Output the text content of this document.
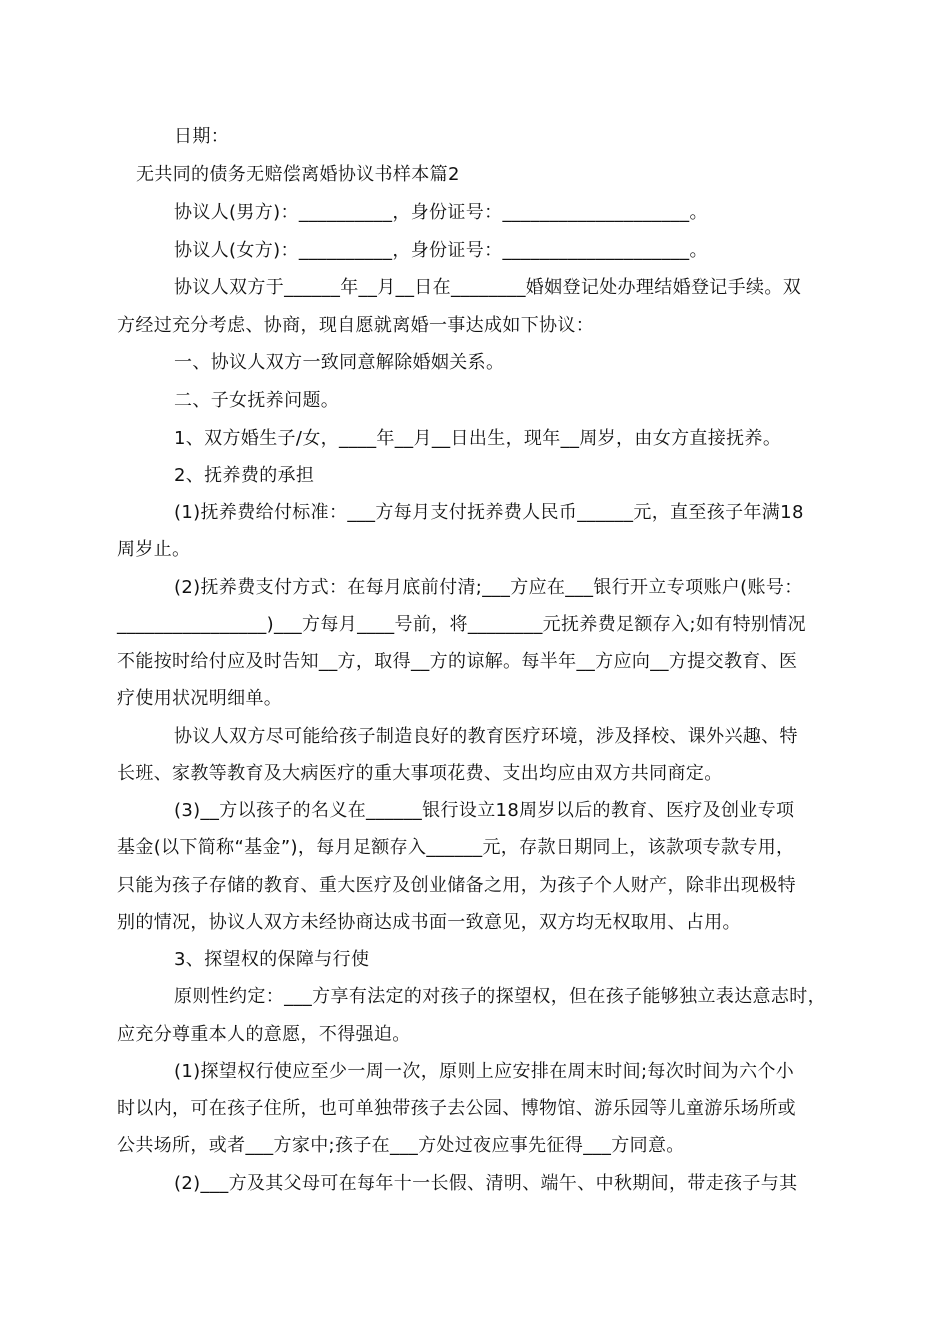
日期：
无共同的债务无赔偿离婚协议书样本篇2
协议人(男方)：__________，身份证号：____________________。
协议人(女方)：__________，身份证号：____________________。
协议人双方于______年__月__日在________婚姻登记处办理结婚登记手续。双
方经过充分考虑、协商，现自愿就离婚一事达成如下协议：
一、协议人双方一致同意解除婚姻关系。
二、子女抚养问题。
1、双方婚生子/女，____年__月__日出生，现年__周岁，由女方直接抚养。
2、抚养费的承担
(1)抚养费给付标准：___方每月支付抚养费人民币______元，直至孩子年满18
周岁止。
(2)抚养费支付方式：在每月底前付清;___方应在___银行开立专项账户(账号：
________________)___方每月____号前，将________元抚养费足额存入;如有特别情况
不能按时给付应及时告知__方，取得__方的谅解。每半年__方应向__方提交教育、医
疗使用状况明细单。
协议人双方尽可能给孩子制造良好的教育医疗环境，涉及择校、课外兴趣、特
长班、家教等教育及大病医疗的重大事项花费、支出均应由双方共同商定。
(3)__方以孩子的名义在______银行设立18周岁以后的教育、医疗及创业专项
基金(以下简称“基金”)，每月足额存入______元，存款日期同上，该款项专款专用，
只能为孩子存储的教育、重大医疗及创业储备之用，为孩子个人财产，除非出现极特
别的情况，协议人双方未经协商达成书面一致意见，双方均无权取用、占用。
3、探望权的保障与行使
原则性约定：___方享有法定的对孩子的探望权，但在孩子能够独立表达意志时，
应充分尊重本人的意愿，不得强迫。
(1)探望权行使应至少一周一次，原则上应安排在周末时间;每次时间为六个小
时以内，可在孩子住所，也可单独带孩子去公园、博物馆、游乐园等儿童游乐场所或
公共场所，或者___方家中;孩子在___方处过夜应事先征得___方同意。
(2)___方及其父母可在每年十一长假、清明、端午、中秋期间，带走孩子与其
